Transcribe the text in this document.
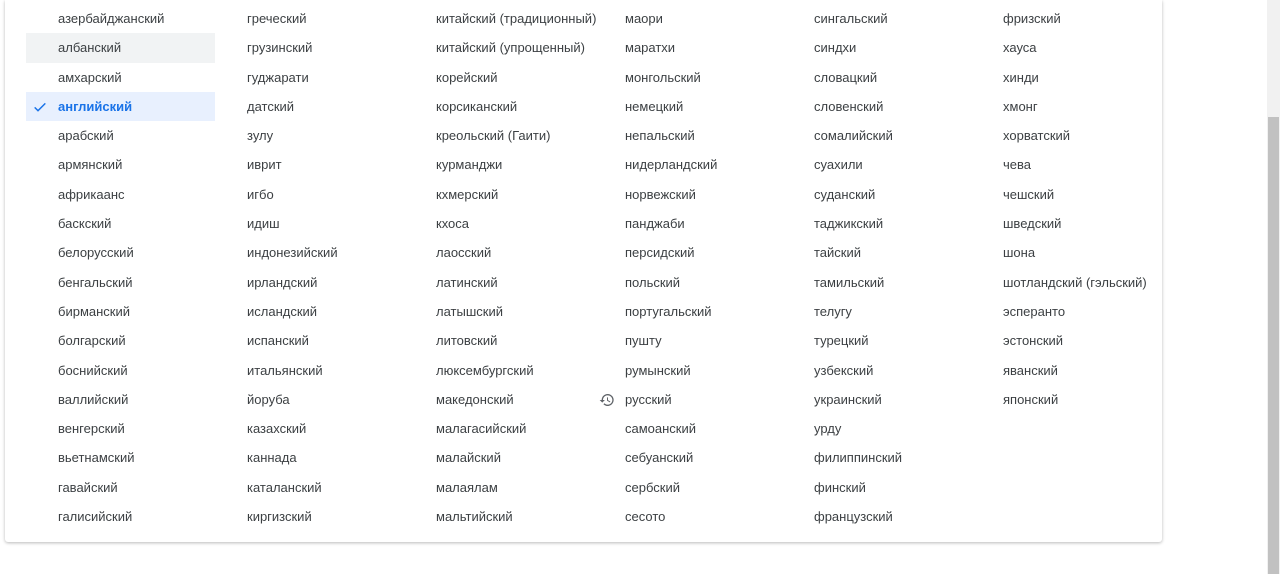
азербайджанский
албанский
амхарский
английский
арабский
армянский
африкаанс
баскский
белорусский
бенгальский
бирманский
болгарский
боснийский
валлийский
венгерский
вьетнамский
гавайский
галисийский
греческий
грузинский
гуджарати
датский
зулу
иврит
игбо
идиш
индонезийский
ирландский
исландский
испанский
итальянский
йоруба
казахский
каннада
каталанский
киргизский
китайский (традиционный)
китайский (упрощенный)
корейский
корсиканский
креольский (Гаити)
курманджи
кхмерский
кхоса
лаосский
латинский
латышский
литовский
люксембургский
македонский
малагасийский
малайский
малаялам
мальтийский
маори
маратхи
монгольский
немецкий
непальский
нидерландский
норвежский
панджаби
персидский
польский
португальский
пушту
румынский
русский
самоанский
себуанский
сербский
сесото
сингальский
синдхи
словацкий
словенский
сомалийский
суахили
суданский
таджикский
тайский
тамильский
телугу
турецкий
узбекский
украинский
урду
филиппинский
финский
французский
фризский
хауса
хинди
хмонг
хорватский
чева
чешский
шведский
шона
шотландский (гэльский)
эсперанто
эстонский
яванский
японский
